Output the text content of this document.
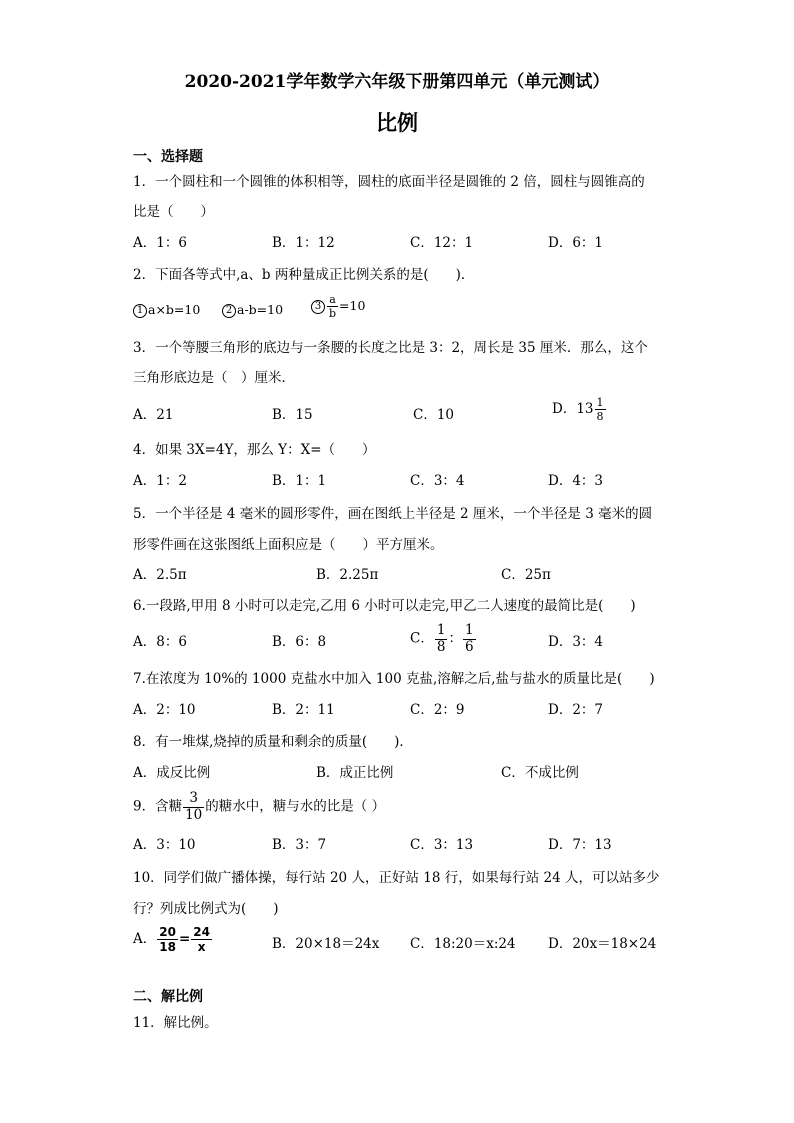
2020-2021学年数学六年级下册第四单元（单元测试）
比例
一、选择题
1．一个圆柱和一个圆锥的体积相等，圆柱的底面半径是圆锥的 2 倍，圆柱与圆锥高的
比是（　　）
A．1：6	B．1：12	C．12：1	D．6：1
2．下面各等式中,a、b 两种量成正比例关系的是(　　)．
1 a×b=10	2 a-b=10	$3 \frac{a}{b} =10$
3．一个等腰三角形的底边与一条腰的长度之比是 3：2，周长是 35 厘米．那么，这个
三角形底边是（　）厘米．
A．21	B．15	C．10	D．$13 \frac{1}{8}$
4．如果 3X=4Y，那么 Y：X=（　　）
A．1：2	B．1：1	C．3：4	D．4：3
5．一个半径是 4 毫米的圆形零件，画在图纸上半径是 2 厘米，一个半径是 3 毫米的圆
形零件画在这张图纸上面积应是（　　）平方厘米。
A．2.5π	B．2.25π	C．25π
6.一段路,甲用 8 小时可以走完,乙用 6 小时可以走完,甲乙二人速度的最简比是(　　)
A．8：6	B．6：8	C． $\frac{1}{8}$ ： $\frac{1}{6}$	D．3：4
7.在浓度为 10%的 1000 克盐水中加入 100 克盐,溶解之后,盐与盐水的质量比是(　　)
A．2：10	B．2：11	C．2：9	D．2：7
8．有一堆煤,烧掉的质量和剩余的质量(　　)．
A．成反比例	B．成正比例	C．不成比例
9．含糖 $\frac{3}{10}$ 的糖水中，糖与水的比是（ ）
A．3：10	B．3：7	C．3：13	D．7：13
10．同学们做广播体操，每行站 20 人，正好站 18 行，如果每行站 24 人，可以站多少
行？列成比例式为(　　)
A． $\frac{20}{18} = \frac{24}{x}$	B．20×18＝24x C．18:20＝x:24 D．20x＝18×24
二、解比例
11．解比例。
